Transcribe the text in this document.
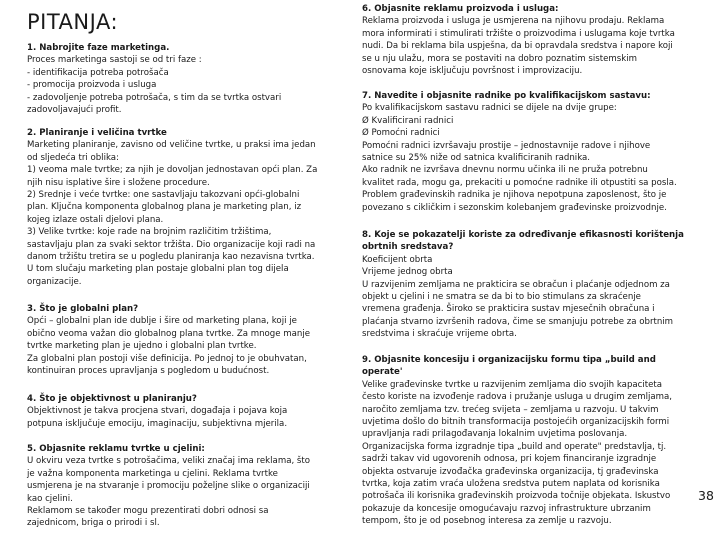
PITANJA:
1. Nabrojite faze marketinga.
Proces marketinga sastoji se od tri faze :
- identifikacija potreba potrošača
- promocija proizvoda i usluga
- zadovoljenje potreba potrošača, s tim da se tvrtka ostvari
zadovoljavajući profit.
2. Planiranje i veličina tvrtke
Marketing planiranje, zavisno od veličine tvrtke, u praksi ima jedan
od sljedeća tri oblika:
1) veoma male tvrtke; za njih je dovoljan jednostavan opći plan. Za
njih nisu isplative šire i složene procedure.
2) Srednje i veće tvrtke: one sastavljaju takozvani opći-globalni
plan. Ključna komponenta globalnog plana je marketing plan, iz
kojeg izlaze ostali djelovi plana.
3) Velike tvrtke: koje rade na brojnim različitim tržištima,
sastavljaju plan za svaki sektor tržišta. Dio organizacije koji radi na
danom tržištu tretira se u pogledu planiranja kao nezavisna tvrtka.
U tom slučaju marketing plan postaje globalni plan tog dijela
organizacije.
3. Što je globalni plan?
Opći – globalni plan ide dublje i šire od marketing plana, koji je
obično veoma važan dio globalnog plana tvrtke. Za mnoge manje
tvrtke marketing plan je ujedno i globalni plan tvrtke.
Za globalni plan postoji više definicija. Po jednoj to je obuhvatan,
kontinuiran proces upravljanja s pogledom u budućnost.
4. Što je objektivnost u planiranju?
Objektivnost je takva procjena stvari, događaja i pojava koja
potpuna isključuje emociju, imaginaciju, subjektivna mjerila.
5. Objasnite reklamu tvrtke u cjelini:
U okviru veza tvrtke s potrošačima, veliki značaj ima reklama, što
je važna komponenta marketinga u cjelini. Reklama tvrtke
usmjerena je na stvaranje i promociju poželjne slike o organizaciji
kao cjelini.
Reklamom se također mogu prezentirati dobri odnosi sa
zajednicom, briga o prirodi i sl.
6. Objasnite reklamu proizvoda i usluga:
Reklama proizvoda i usluga je usmjerena na njihovu prodaju. Reklama
mora informirati i stimulirati tržište o proizvodima i uslugama koje tvrtka
nudi. Da bi reklama bila uspješna, da bi opravdala sredstva i napore koji
se u nju ulažu, mora se postaviti na dobro poznatim sistemskim
osnovama koje isključuju površnost i improvizaciju.
7. Navedite i objasnite radnike po kvalifikacijskom sastavu:
Po kvalifikacijskom sastavu radnici se dijele na dvije grupe:
Ø Kvalificirani radnici
Ø Pomoćni radnici
Pomoćni radnici izvršavaju prostije – jednostavnije radove i njihove
satnice su 25% niže od satnica kvalificiranih radnika.
Ako radnik ne izvršava dnevnu normu učinka ili ne pruža potrebnu
kvalitet rada, mogu ga, prekaciti u pomoćne radnike ili otpustiti sa posla.
Problem građevinskih radnika je njihova nepotpuna zaposlenost, što je
povezano s cikličkim i sezonskim kolebanjem građevinske proizvodnje.
8. Koje se pokazatelji koriste za određivanje efikasnosti korištenja
obrtnih sredstava?
Koeficijent obrta
Vrijeme jednog obrta
U razvijenim zemljama ne prakticira se obračun i plaćanje odjednom za
objekt u cjelini i ne smatra se da bi to bio stimulans za skraćenje
vremena građenja. Široko se prakticira sustav mjesečnih obračuna i
plaćanja stvarno izvršenih radova, čime se smanjuju potrebe za obrtnim
sredstvima i skraćuje vrijeme obrta.
9. Objasnite koncesiju i organizacijsku formu tipa „build and
operate'
Velike građevinske tvrtke u razvijenim zemljama dio svojih kapaciteta
često koriste na izvođenje radova i pružanje usluga u drugim zemljama,
naročito zemljama tzv. trećeg svijeta – zemljama u razvoju. U takvim
uvjetima došlo do bitnih transformacija postojećih organizacijskih formi
upravljanja radi prilagođavanja lokalnim uvjetima poslovanja.
Organizacijska forma izgradnje tipa „build and operate" predstavlja, tj.
sadrži takav vid ugovorenih odnosa, pri kojem financiranje izgradnje
objekta ostvaruje izvođačka građevinska organizacija, tj građevinska
tvrtka, koja zatim vraća uložena sredstva putem naplata od korisnika
potrošača ili korisnika građevinskih proizvoda točnije objekata. Iskustvo
pokazuje da koncesije omogućavaju razvoj infrastrukture ubrzanim
tempom, što je od posebnog interesa za zemlje u razvoju.
38
